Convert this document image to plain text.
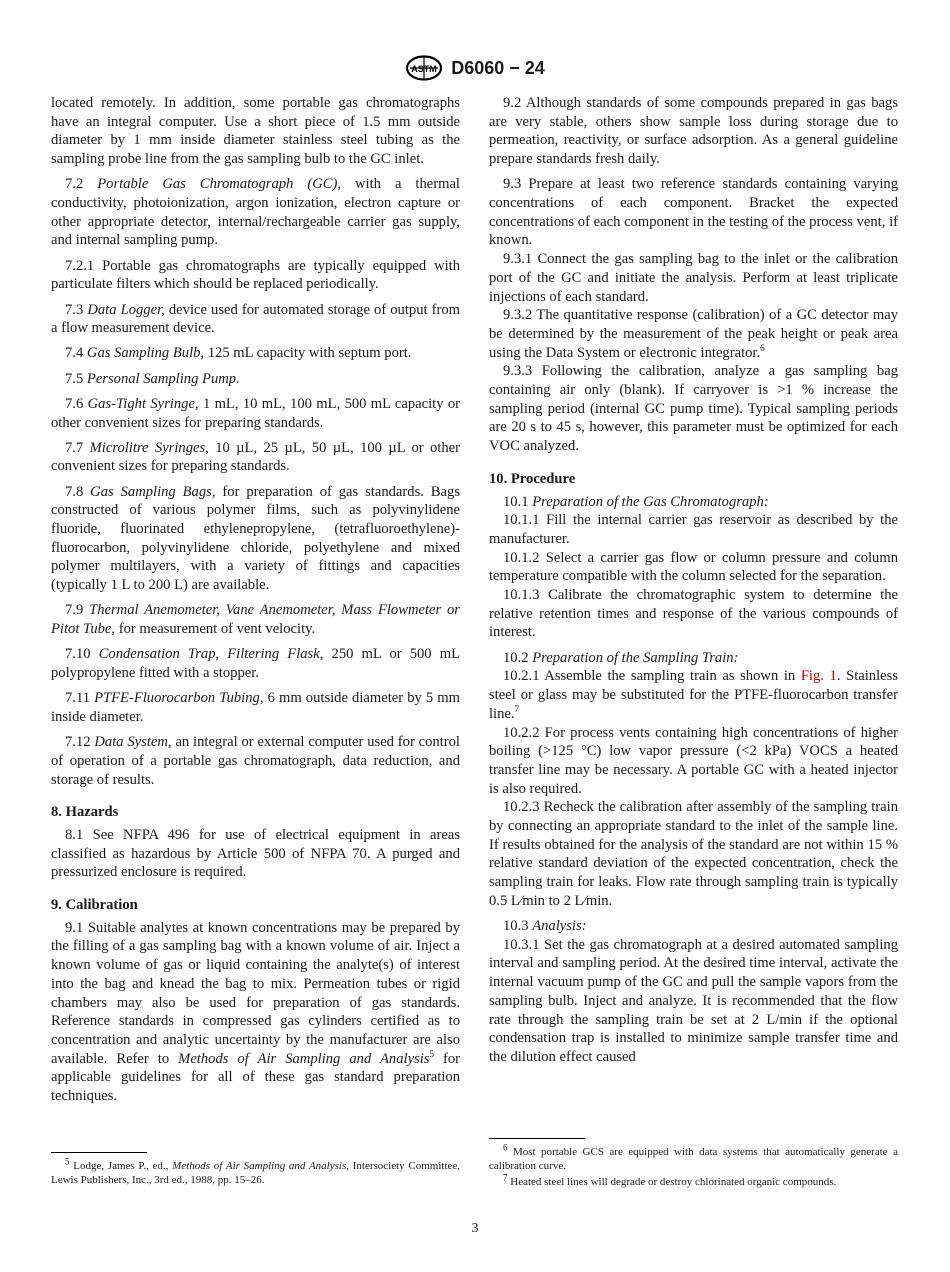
ASTM D6060 − 24

located remotely. In addition, some portable gas chromatographs have an integral computer. Use a short piece of 1.5 mm outside diameter by 1 mm inside diameter stainless steel tubing as the sampling probe line from the gas sampling bulb to the GC inlet.

7.2 Portable Gas Chromatograph (GC), with a thermal conductivity, photoionization, argon ionization, electron capture or other appropriate detector, internal/rechargeable carrier gas supply, and internal sampling pump.

7.2.1 Portable gas chromatographs are typically equipped with particulate filters which should be replaced periodically.

7.3 Data Logger, device used for automated storage of output from a flow measurement device.

7.4 Gas Sampling Bulb, 125 mL capacity with septum port.

7.5 Personal Sampling Pump.

7.6 Gas-Tight Syringe, 1 mL, 10 mL, 100 mL, 500 mL capacity or other convenient sizes for preparing standards.

7.7 Microlitre Syringes, 10 µL, 25 µL, 50 µL, 100 µL or other convenient sizes for preparing standards.

7.8 Gas Sampling Bags, for preparation of gas standards. Bags constructed of various polymer films, such as polyvinylidene fluoride, fluorinated ethylenepropylene, (tetrafluoroethylene)-fluorocarbon, polyvinylidene chloride, polyethylene and mixed polymer multilayers, with a variety of fittings and capacities (typically 1 L to 200 L) are available.

7.9 Thermal Anemometer, Vane Anemometer, Mass Flowmeter or Pitot Tube, for measurement of vent velocity.

7.10 Condensation Trap, Filtering Flask, 250 mL or 500 mL polypropylene fitted with a stopper.

7.11 PTFE-Fluorocarbon Tubing, 6 mm outside diameter by 5 mm inside diameter.

7.12 Data System, an integral or external computer used for control of operation of a portable gas chromatograph, data reduction, and storage of results.

8. Hazards

8.1 See NFPA 496 for use of electrical equipment in areas classified as hazardous by Article 500 of NFPA 70. A purged and pressurized enclosure is required.

9. Calibration

9.1 Suitable analytes at known concentrations may be prepared by the filling of a gas sampling bag with a known volume of air. Inject a known volume of gas or liquid containing the analyte(s) of interest into the bag and knead the bag to mix. Permeation tubes or rigid chambers may also be used for preparation of gas standards. Reference standards in compressed gas cylinders certified as to concentration and analytic uncertainty by the manufacturer are also available. Refer to Methods of Air Sampling and Analysis$^5$ for applicable guidelines for all of these gas standard preparation techniques.

9.2 Although standards of some compounds prepared in gas bags are very stable, others show sample loss during storage due to permeation, reactivity, or surface adsorption. As a general guideline prepare standards fresh daily.

9.3 Prepare at least two reference standards containing varying concentrations of each component. Bracket the expected concentrations of each component in the testing of the process vent, if known.

9.3.1 Connect the gas sampling bag to the inlet or the calibration port of the GC and initiate the analysis. Perform at least triplicate injections of each standard.

9.3.2 The quantitative response (calibration) of a GC detector may be determined by the measurement of the peak height or peak area using the Data System or electronic integrator.$^6$

9.3.3 Following the calibration, analyze a gas sampling bag containing air only (blank). If carryover is >1 % increase the sampling period (internal GC pump time). Typical sampling periods are 20 s to 45 s, however, this parameter must be optimized for each VOC analyzed.

10. Procedure

10.1 Preparation of the Gas Chromatograph:

10.1.1 Fill the internal carrier gas reservoir as described by the manufacturer.

10.1.2 Select a carrier gas flow or column pressure and column temperature compatible with the column selected for the separation.

10.1.3 Calibrate the chromatographic system to determine the relative retention times and response of the various compounds of interest.

10.2 Preparation of the Sampling Train:

10.2.1 Assemble the sampling train as shown in Fig. 1. Stainless steel or glass may be substituted for the PTFE-fluorocarbon transfer line.$^7$

10.2.2 For process vents containing high concentrations of higher boiling (>125 °C) low vapor pressure (<2 kPa) VOCS a heated transfer line may be necessary. A portable GC with a heated injector is also required.

10.2.3 Recheck the calibration after assembly of the sampling train by connecting an appropriate standard to the inlet of the sample line. If results obtained for the analysis of the standard are not within 15 % relative standard deviation of the expected concentration, check the sampling train for leaks. Flow rate through sampling train is typically 0.5 L⁄min to 2 L⁄min.

10.3 Analysis:

10.3.1 Set the gas chromatograph at a desired automated sampling interval and sampling period. At the desired time interval, activate the internal vacuum pump of the GC and pull the sample vapors from the sampling bulb. Inject and analyze. It is recommended that the flow rate through the sampling train be set at 2 L/min if the optional condensation trap is installed to minimize sample transfer time and the dilution effect caused

$^5$ Lodge, James P., ed., Methods of Air Sampling and Analysis, Intersociety Committee, Lewis Publishers, Inc., 3rd ed., 1988, pp. 15–26.

$^6$ Most portable GCS are equipped with data systems that automatically generate a calibration curve.

$^7$ Heated steel lines will degrade or destroy chlorinated organic compounds.

3
